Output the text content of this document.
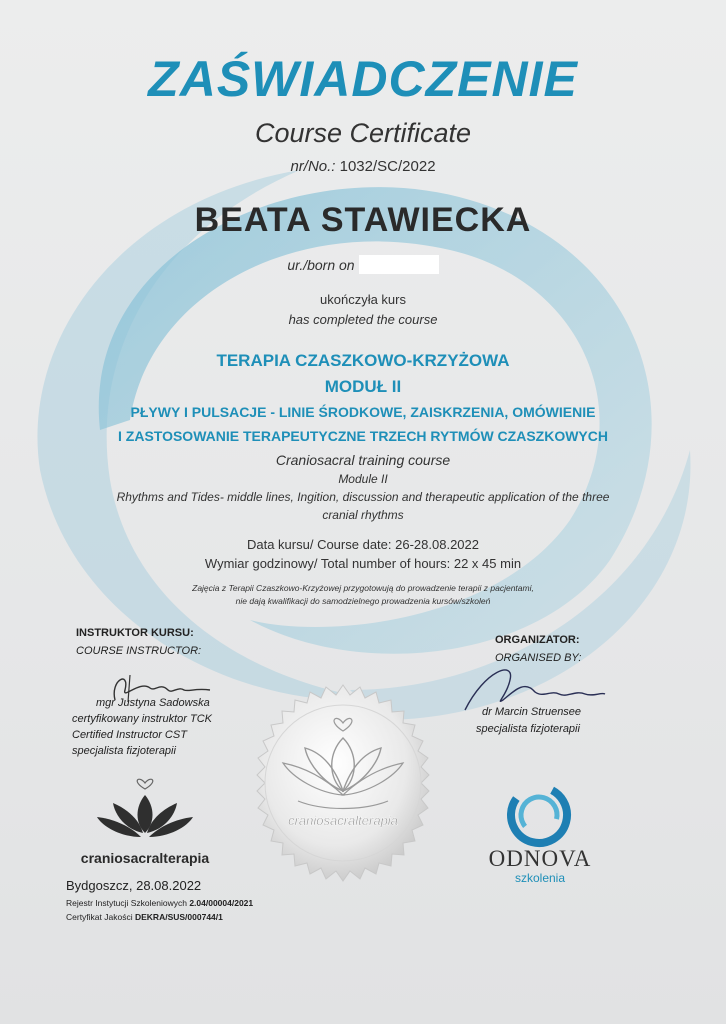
ZAŚWIADCZENIE
Course Certificate
nr/No.: 1032/SC/2022
BEATA STAWIECKA
ur./born on
ukończyła kurs
has completed the course
TERAPIA CZASZKOWO-KRZYŻOWA
MODUŁ II
PŁYWY I PULSACJE - LINIE ŚRODKOWE, ZAISKRZENIA, OMÓWIENIE
I ZASTOSOWANIE TERAPEUTYCZNE TRZECH RYTMÓW CZASZKOWYCH
Craniosacral training course
Module II
Rhythms and Tides- middle lines, Ingition, discussion and therapeutic application of the three
cranial rhythms
Data kursu/ Course date: 26-28.08.2022
Wymiar godzinowy/ Total number of hours: 22 x 45 min
Zajęcia z Terapii Czaszkowo-Krzyżowej przygotowują do prowadzenie terapii z pacjentami,
nie dają kwalifikacji do samodzielnego prowadzenia kursów/szkoleń
INSTRUKTOR KURSU:
COURSE INSTRUCTOR:
mgr Justyna Sadowska
certyfikowany instruktor TCK
Certified Instructor CST
specjalista fizjoterapii
ORGANIZATOR:
ORGANISED BY:
dr Marcin Struensee
specjalista fizjoterapii
craniosacralterapia
craniosacralterapia	ODNOVA
szkolenia
Bydgoszcz, 28.08.2022
Rejestr Instytucji Szkoleniowych 2.04/00004/2021
Certyfikat Jakości DEKRA/SUS/000744/1
